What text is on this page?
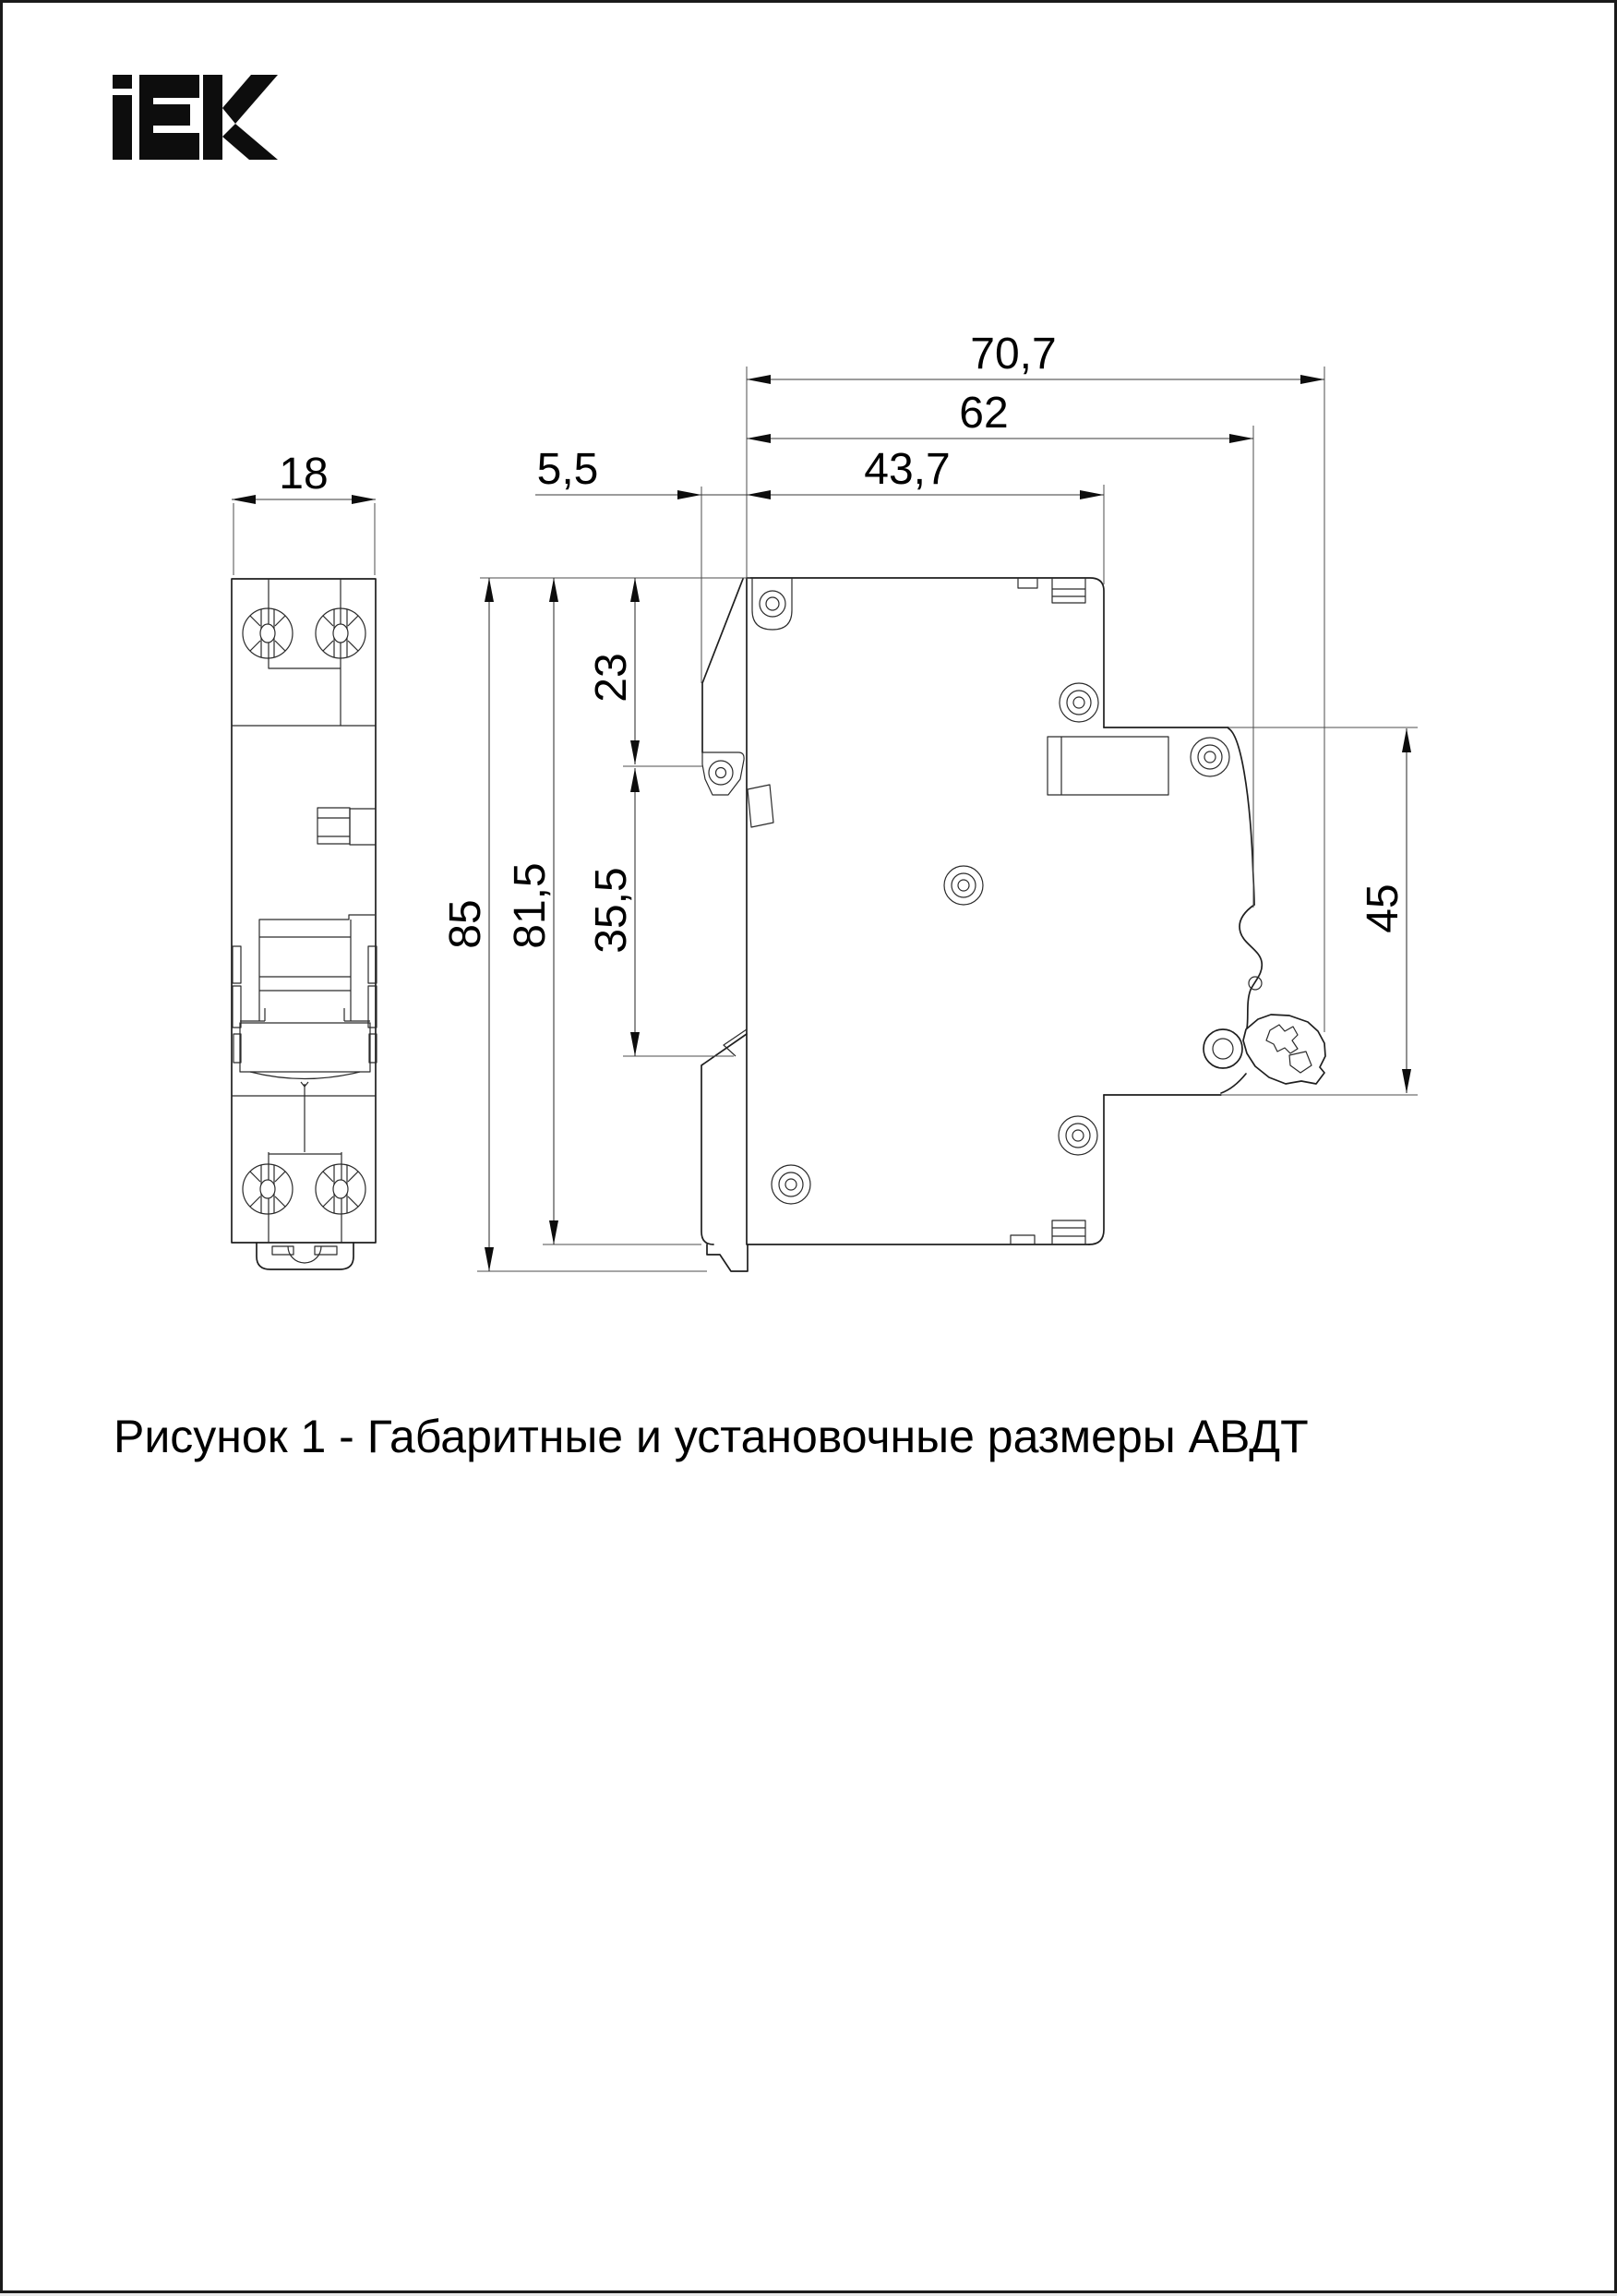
70,7
62
5,5	43,7
18
85 81,5
23
35,5	45
Рисунок 1 - Габаритные и установочные размеры АВДТ
